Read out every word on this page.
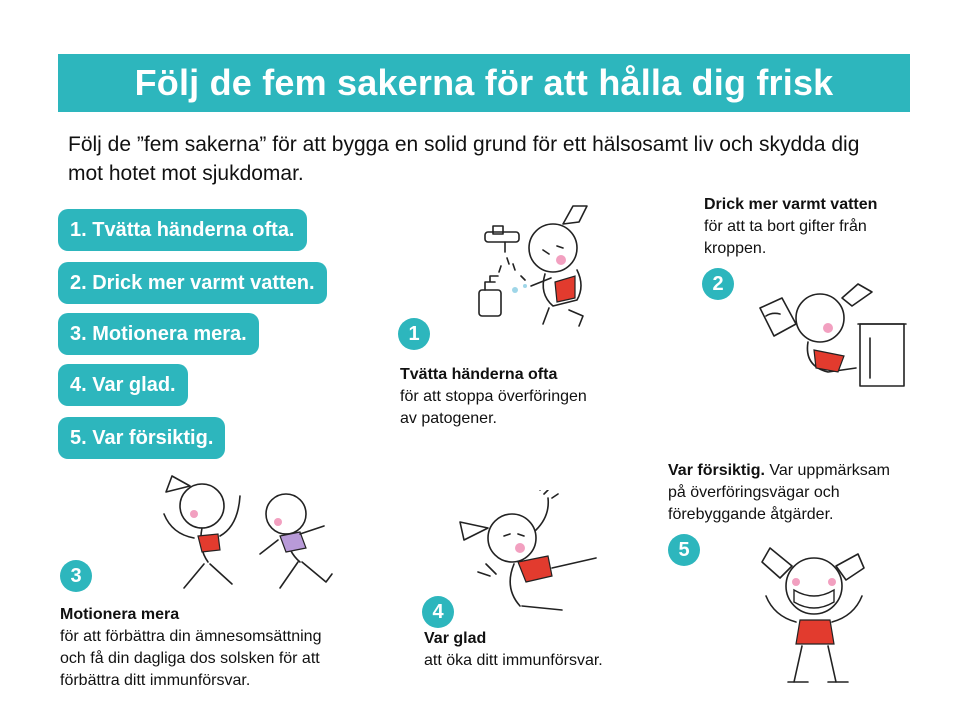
Följ de fem sakerna för att hålla dig frisk
Följ de ”fem sakerna” för att bygga en solid grund för ett hälsosamt liv och skydda dig mot hotet mot sjukdomar.
1. Tvätta händerna ofta.
2. Drick mer varmt vatten.
3. Motionera mera.
4. Var glad.
5. Var försiktig.
1
Tvätta händerna ofta
för att stoppa överföringen
av patogener.
Drick mer varmt vatten
för att ta bort gifter från
kroppen.
2
3
Motionera mera
för att förbättra din ämnesomsättning
och få din dagliga dos solsken för att
förbättra ditt immunförsvar.
4
Var glad
att öka ditt immunförsvar.
Var försiktig. Var uppmärksam
på överföringsvägar och
förebyggande åtgärder.
5
